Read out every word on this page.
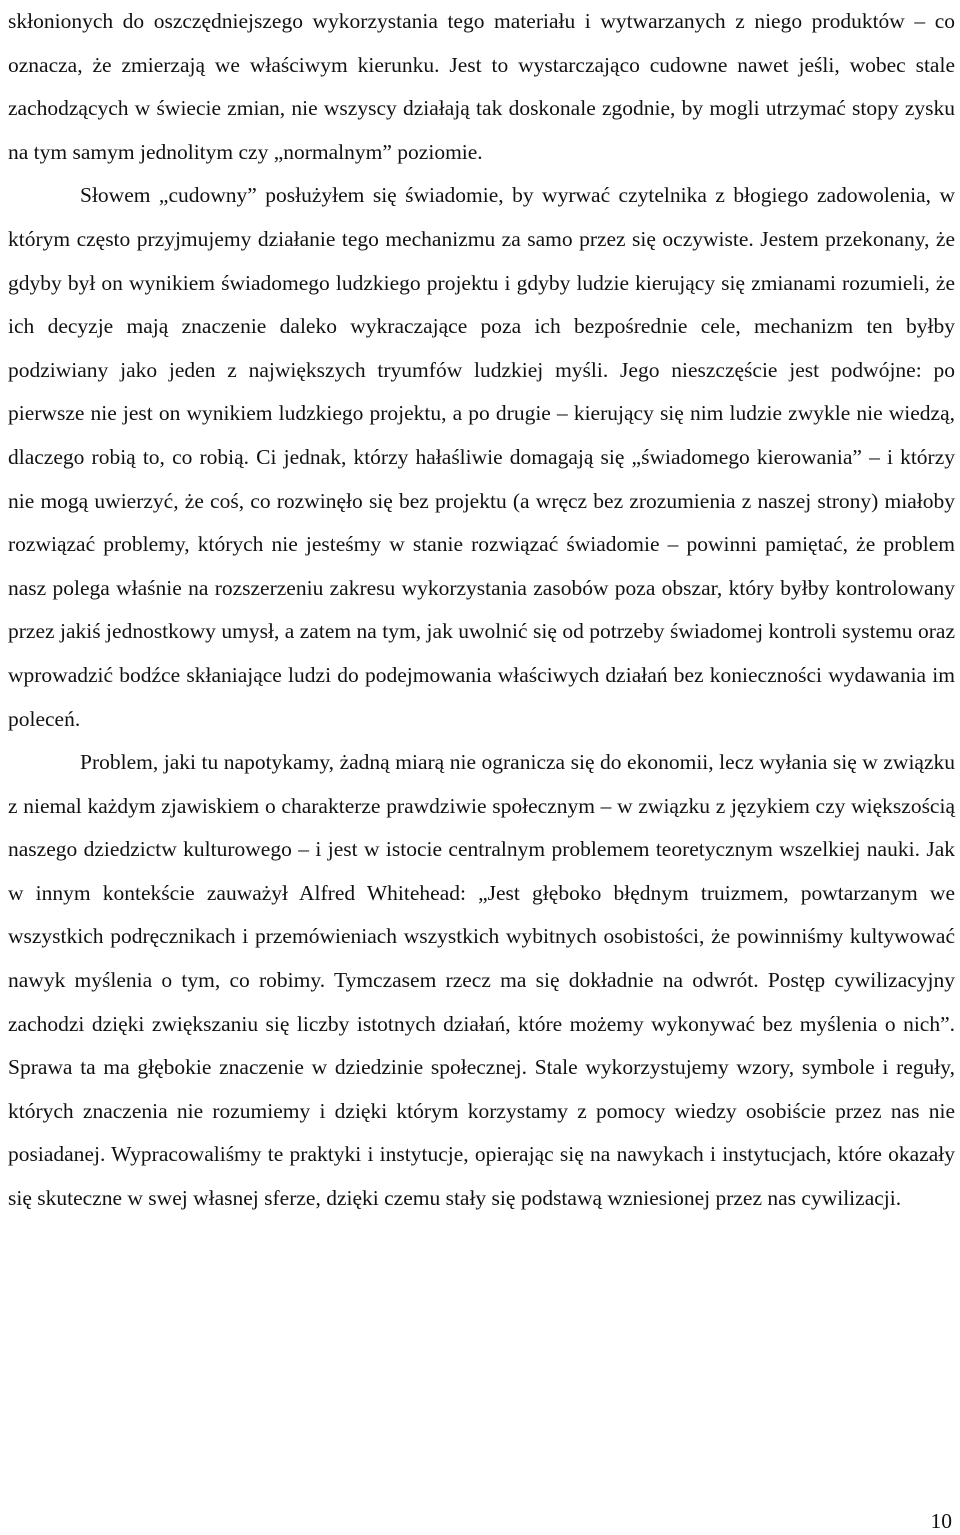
skłonionych do oszczędniejszego wykorzystania tego materiału i wytwarzanych z niego produktów – co oznacza, że zmierzają we właściwym kierunku. Jest to wystarczająco cudowne nawet jeśli, wobec stale zachodzących w świecie zmian, nie wszyscy działają tak doskonale zgodnie, by mogli utrzymać stopy zysku na tym samym jednolitym czy „normalnym” poziomie.

Słowem „cudowny” posłużyłem się świadomie, by wyrwać czytelnika z błogiego zadowolenia, w którym często przyjmujemy działanie tego mechanizmu za samo przez się oczywiste. Jestem przekonany, że gdyby był on wynikiem świadomego ludzkiego projektu i gdyby ludzie kierujący się zmianami rozumieli, że ich decyzje mają znaczenie daleko wykraczające poza ich bezpośrednie cele, mechanizm ten byłby podziwiany jako jeden z największych tryumfów ludzkiej myśli. Jego nieszczęście jest podwójne: po pierwsze nie jest on wynikiem ludzkiego projektu, a po drugie – kierujący się nim ludzie zwykle nie wiedzą, dlaczego robią to, co robią. Ci jednak, którzy hałaśliwie domagają się „świadomego kierowania” – i którzy nie mogą uwierzyć, że coś, co rozwinęło się bez projektu (a wręcz bez zrozumienia z naszej strony) miałoby rozwiązać problemy, których nie jesteśmy w stanie rozwiązać świadomie – powinni pamiętać, że problem nasz polega właśnie na rozszerzeniu zakresu wykorzystania zasobów poza obszar, który byłby kontrolowany przez jakiś jednostkowy umysł, a zatem na tym, jak uwolnić się od potrzeby świadomej kontroli systemu oraz wprowadzić bodźce skłaniające ludzi do podejmowania właściwych działań bez konieczności wydawania im poleceń.

Problem, jaki tu napotykamy, żadną miarą nie ogranicza się do ekonomii, lecz wyłania się w związku z niemal każdym zjawiskiem o charakterze prawdziwie społecznym – w związku z językiem czy większością naszego dziedzictw kulturowego – i jest w istocie centralnym problemem teoretycznym wszelkiej nauki. Jak w innym kontekście zauważył Alfred Whitehead: „Jest głęboko błędnym truizmem, powtarzanym we wszystkich podręcznikach i przemówieniach wszystkich wybitnych osobistości, że powinniśmy kultywować nawyk myślenia o tym, co robimy. Tymczasem rzecz ma się dokładnie na odwrót. Postęp cywilizacyjny zachodzi dzięki zwiększaniu się liczby istotnych działań, które możemy wykonywać bez myślenia o nich”. Sprawa ta ma głębokie znaczenie w dziedzinie społecznej. Stale wykorzystujemy wzory, symbole i reguły, których znaczenia nie rozumiemy i dzięki którym korzystamy z pomocy wiedzy osobiście przez nas nie posiadanej. Wypracowaliśmy te praktyki i instytucje, opierając się na nawykach i instytucjach, które okazały się skuteczne w swej własnej sferze, dzięki czemu stały się podstawą wzniesionej przez nas cywilizacji.

10
